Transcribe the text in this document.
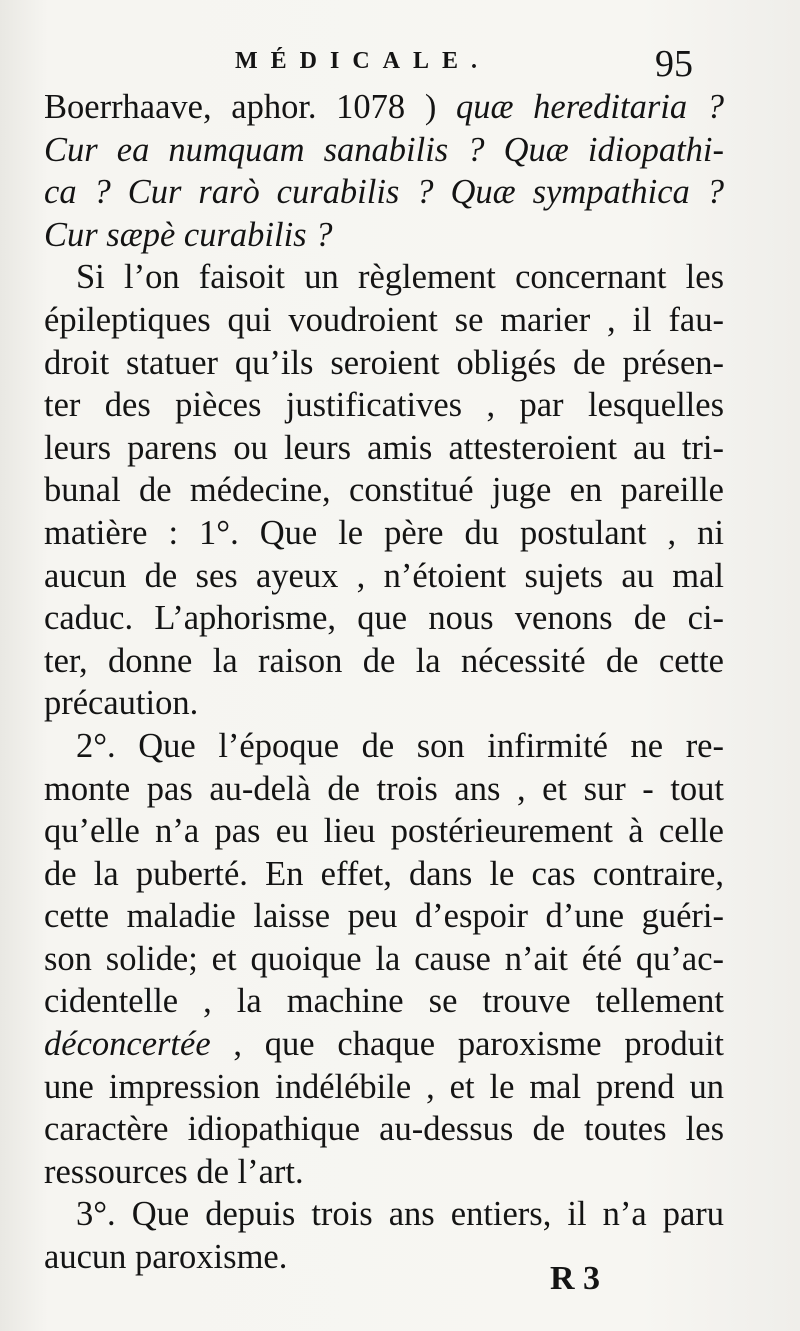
MÉDICALE.	95
Boerrhaave, aphor. 1078 ) quæ hereditaria ?
Cur ea numquam sanabilis ? Quæ idiopathi-
ca ? Cur rarò curabilis ? Quæ sympathica ?
Cur sæpè curabilis ?
Si l’on faisoit un règlement concernant les
épileptiques qui voudroient se marier , il fau-
droit statuer qu’ils seroient obligés de présen-
ter des pièces justificatives , par lesquelles
leurs parens ou leurs amis attesteroient au tri-
bunal de médecine, constitué juge en pareille
matière : 1°. Que le père du postulant , ni
aucun de ses ayeux , n’étoient sujets au mal
caduc. L’aphorisme, que nous venons de ci-
ter, donne la raison de la nécessité de cette
précaution.
2°. Que l’époque de son infirmité ne re-
monte pas au-delà de trois ans , et sur - tout
qu’elle n’a pas eu lieu postérieurement à celle
de la puberté. En effet, dans le cas contraire,
cette maladie laisse peu d’espoir d’une guéri-
son solide; et quoique la cause n’ait été qu’ac-
cidentelle , la machine se trouve tellement
déconcertée , que chaque paroxisme produit
une impression indélébile , et le mal prend un
caractère idiopathique au-dessus de toutes les
ressources de l’art.
3°. Que depuis trois ans entiers, il n’a paru
aucun paroxisme.
R 3
